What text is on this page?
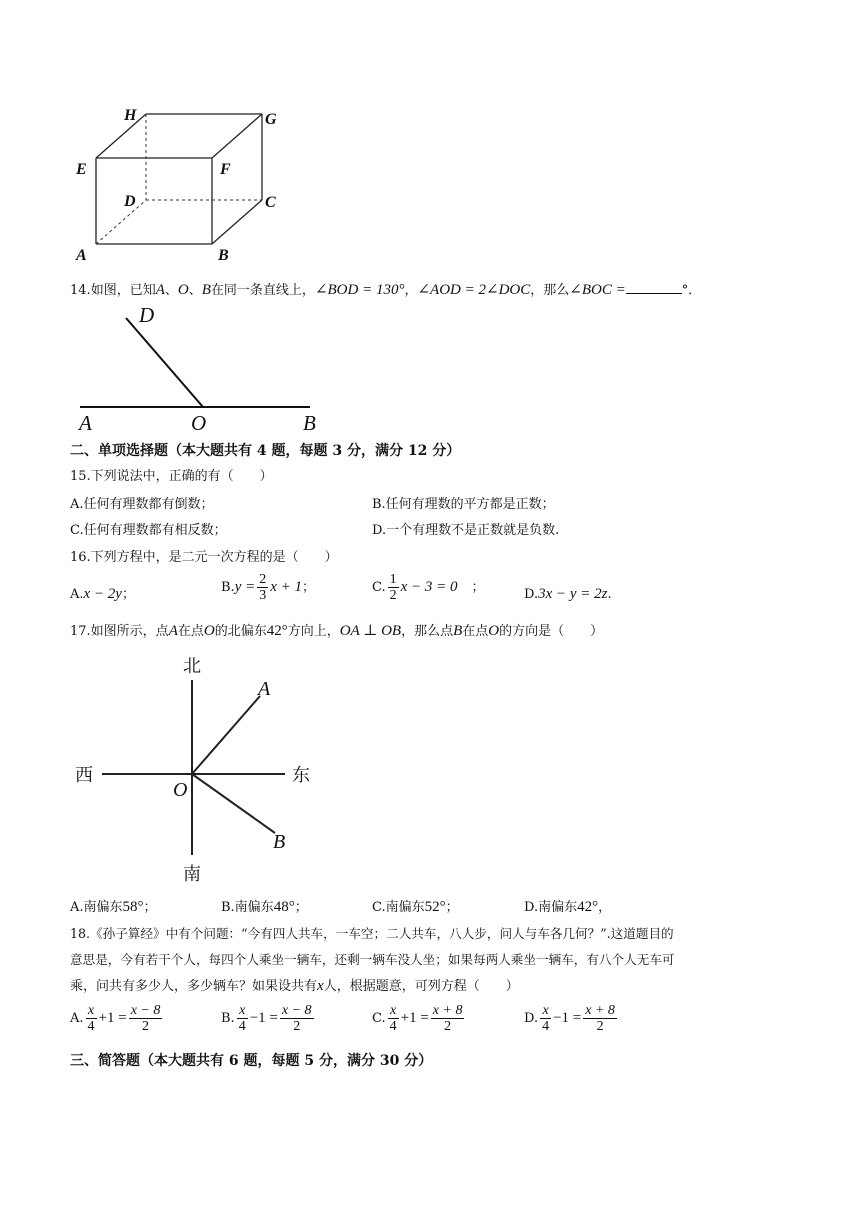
H	G
E	F
D	C
A	B
14.如图，已知A、O、B在同一条直线上，∠BOD = 130°，∠AOD = 2∠DOC，那么∠BOC =	°．
D
A	O	B
二、单项选择题（本大题共有 4 题，每题 3 分，满分 12 分）
15.下列说法中，正确的有（　　）
A.任何有理数都有倒数；	B.任何有理数的平方都是正数；
C.任何有理数都有相反数；	D.一个有理数不是正数就是负数.
16.下列方程中，是二元一次方程的是（　　）
A.x − 2y；	$B.y = \frac{2}{3}$ x + 1；	C. $\frac{1}{2}$ x − 3 = 0 ；	D.3x − y = 2z.
17.如图所示，点A在点O的北偏东42°方向上，OA ⊥ OB，那么点B在点O的方向是（　　）
北
南
西	东
A
B
O
A.南偏东58°；	B.南偏东48°；	C.南偏东52°；	D.南偏东42°，
18.《孙子算经》中有个问题：“今有四人共车，一车空；二人共车，八人步，问人与车各几何？”.这道题目的
意思是，今有若干个人，每四个人乘坐一辆车，还剩一辆车没人坐；如果每两人乘坐一辆车，有八个人无车可
乘，问共有多少人，多少辆车？如果设共有x人，根据题意，可列方程（　　）
A. $\frac{x}{4} +1 = \frac{x - 8}{2}$	B. $\frac{x}{4} -1 = \frac{x - 8}{2}$	C. $\frac{x}{4} +1 = \frac{x + 8}{2}$	D. $\frac{x}{4} -1 = \frac{x + 8}{2}$
三、简答题（本大题共有 6 题，每题 5 分，满分 30 分）
